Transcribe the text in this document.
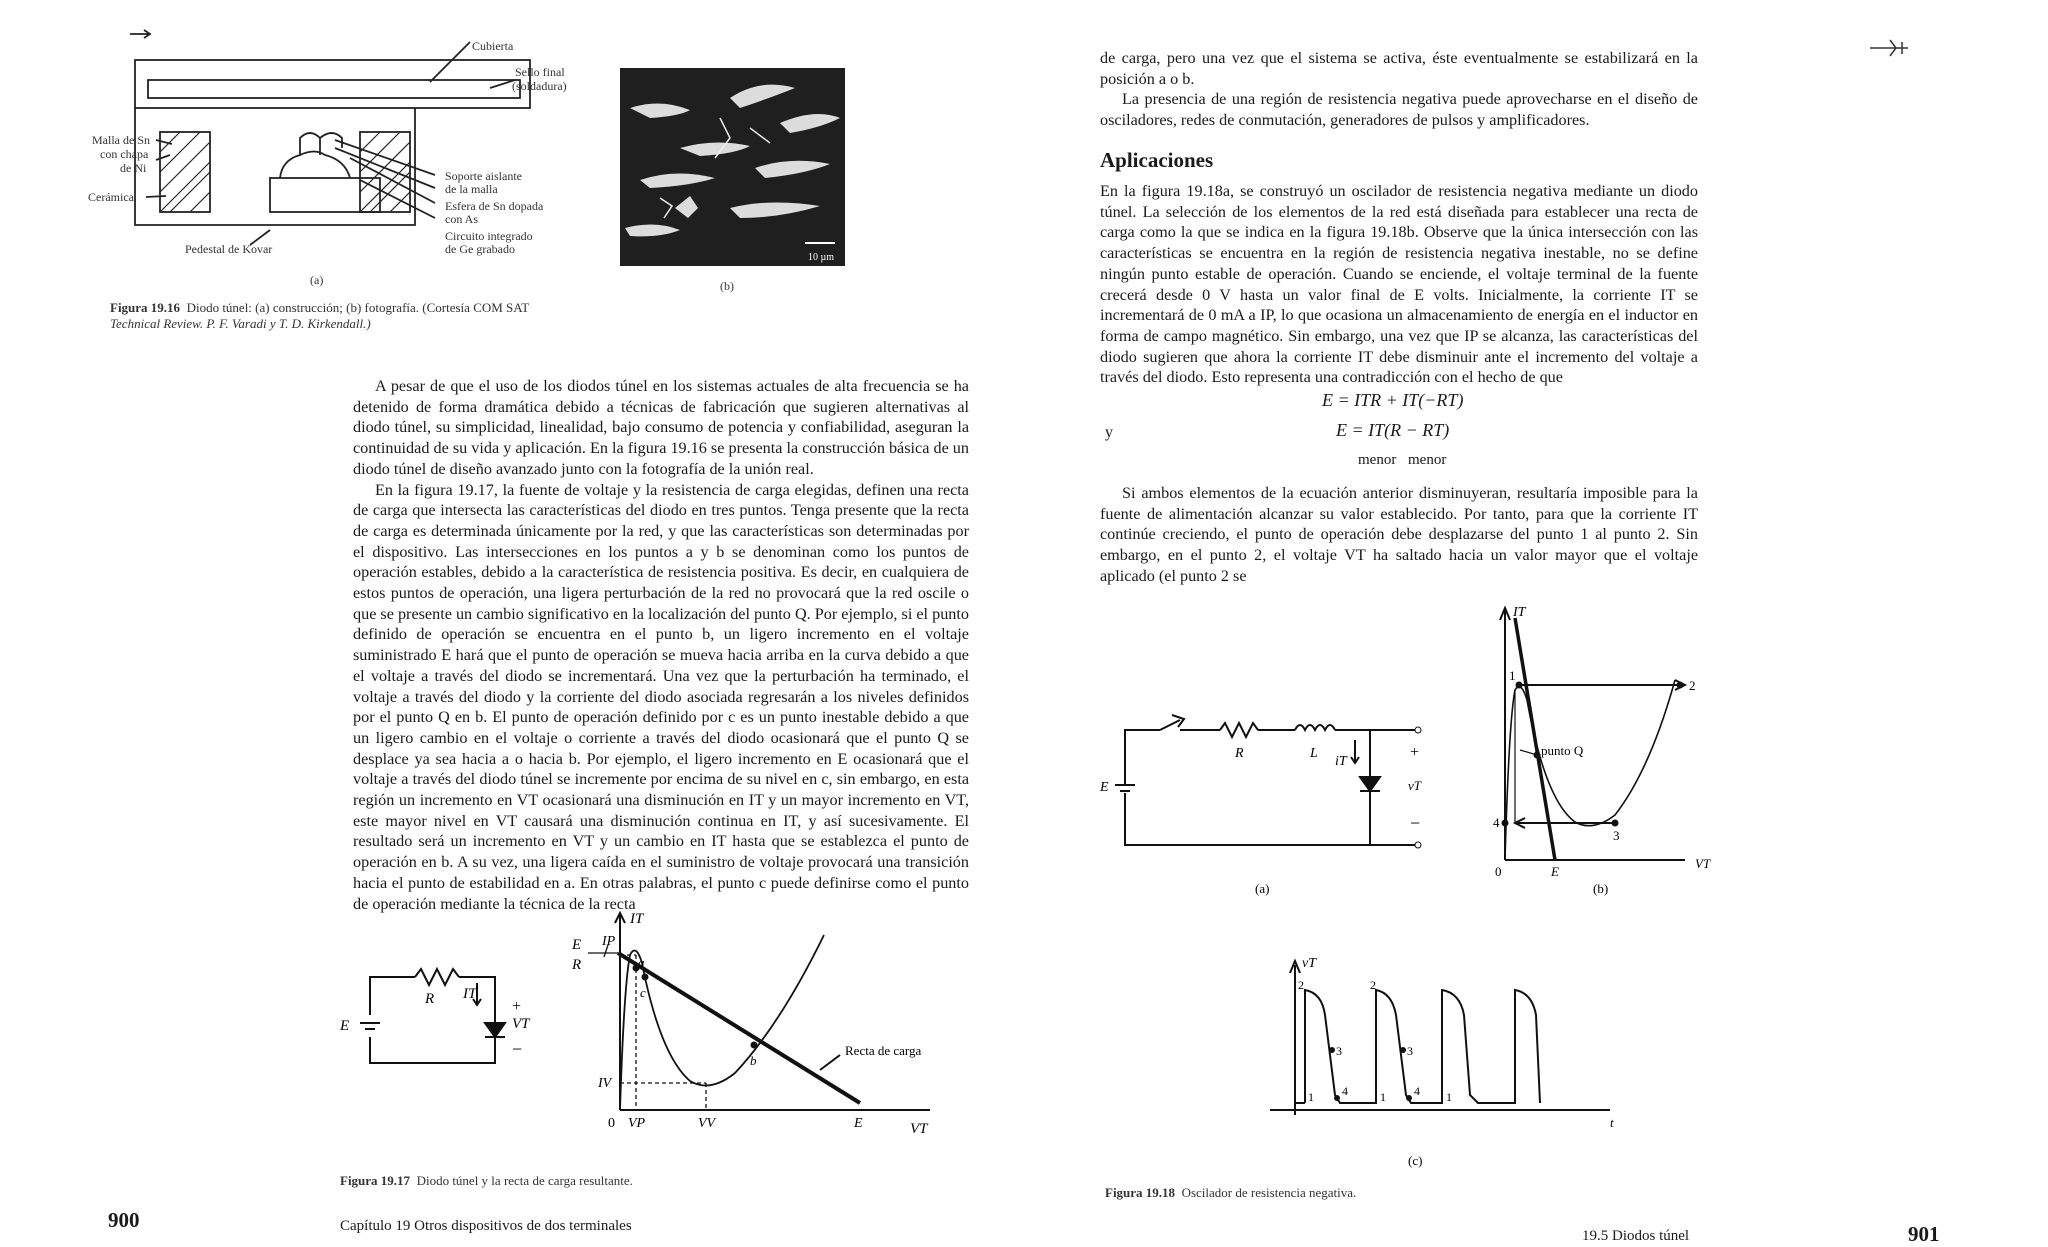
Cubierta
Sello final
(soldadura)
Malla de Sn
con chapa
de Ni
Cerámica
Soporte aislante
de la malla
Esfera de Sn dopada
con As
Circuito integrado
de Ge grabado
Pedestal de Kovar
(a)
10 µm
(b)
Figura 19.16 Diodo túnel: (a) construcción; (b) fotografía. (Cortesía COM SAT
Technical Review. P. F. Varadi y T. D. Kirkendall.)

A pesar de que el uso de los diodos túnel en los sistemas actuales de alta frecuencia se ha detenido de forma dramática debido a técnicas de fabricación que sugieren alternativas al diodo túnel, su simplicidad, linealidad, bajo consumo de potencia y confiabilidad, aseguran la continuidad de su vida y aplicación. En la figura 19.16 se presenta la construcción básica de un diodo túnel de diseño avanzado junto con la fotografía de la unión real.

En la figura 19.17, la fuente de voltaje y la resistencia de carga elegidas, definen una recta de carga que intersecta las características del diodo en tres puntos. Tenga presente que la recta de carga es determinada únicamente por la red, y que las características son determinadas por el dispositivo. Las intersecciones en los puntos a y b se denominan como los puntos de operación estables, debido a la característica de resistencia positiva. Es decir, en cualquiera de estos puntos de operación, una ligera perturbación de la red no provocará que la red oscile o que se presente un cambio significativo en la localización del punto Q. Por ejemplo, si el punto definido de operación se encuentra en el punto b, un ligero incremento en el voltaje suministrado E hará que el punto de operación se mueva hacia arriba en la curva debido a que el voltaje a través del diodo se incrementará. Una vez que la perturbación ha terminado, el voltaje a través del diodo y la corriente del diodo asociada regresarán a los niveles definidos por el punto Q en b. El punto de operación definido por c es un punto inestable debido a que un ligero cambio en el voltaje o corriente a través del diodo ocasionará que el punto Q se desplace ya sea hacia a o hacia b. Por ejemplo, el ligero incremento en E ocasionará que el voltaje a través del diodo túnel se incremente por encima de su nivel en c, sin embargo, en esta región un incremento en VT ocasionará una disminución en IT y un mayor incremento en VT, este mayor nivel en VT causará una disminución continua en IT, y así sucesivamente. El resultado será un incremento en VT y un cambio en IT hasta que se establezca el punto de operación en b. A su vez, una ligera caída en el suministro de voltaje provocará una transición hacia el punto de estabilidad en a. En otras palabras, el punto c puede definirse como el punto de operación mediante la técnica de la recta

E
R IT
+
VT
−
IT
VT
E
R
IP
IV
0 VP	VV	E
a
c
b
Recta de carga
Figura 19.17 Diodo túnel y la recta de carga resultante.
900	Capítulo 19 Otros dispositivos de dos terminales

de carga, pero una vez que el sistema se activa, éste eventualmente se estabilizará en la posición a o b.

La presencia de una región de resistencia negativa puede aprovecharse en el diseño de osciladores, redes de conmutación, generadores de pulsos y amplificadores.

Aplicaciones

En la figura 19.18a, se construyó un oscilador de resistencia negativa mediante un diodo túnel. La selección de los elementos de la red está diseñada para establecer una recta de carga como la que se indica en la figura 19.18b. Observe que la única intersección con las características se encuentra en la región de resistencia negativa inestable, no se define ningún punto estable de operación. Cuando se enciende, el voltaje terminal de la fuente crecerá desde 0 V hasta un valor final de E volts. Inicialmente, la corriente IT se incrementará de 0 mA a IP, lo que ocasiona un almacenamiento de energía en el inductor en forma de campo magnético. Sin embargo, una vez que IP se alcanza, las características del diodo sugieren que ahora la corriente IT debe disminuir ante el incremento del voltaje a través del diodo. Esto representa una contradicción con el hecho de que

E = ITR + IT(−RT)
y	E = IT(R − RT)
menor menor

Si ambos elementos de la ecuación anterior disminuyeran, resultaría imposible para la fuente de alimentación alcanzar su valor establecido. Por tanto, para que la corriente IT continúe creciendo, el punto de operación debe desplazarse del punto 1 al punto 2. Sin embargo, en el punto 2, el voltaje VT ha saltado hacia un valor mayor que el voltaje aplicado (el punto 2 se

E
R	L
iT
+
vT
−
(a)
IT
VT
1
2
3
4
punto Q
0	E
(b)
vT
t
2	2
3	3
4	4
1	1	1
(c)
Figura 19.18 Oscilador de resistencia negativa.
19.5 Diodos túnel	901
